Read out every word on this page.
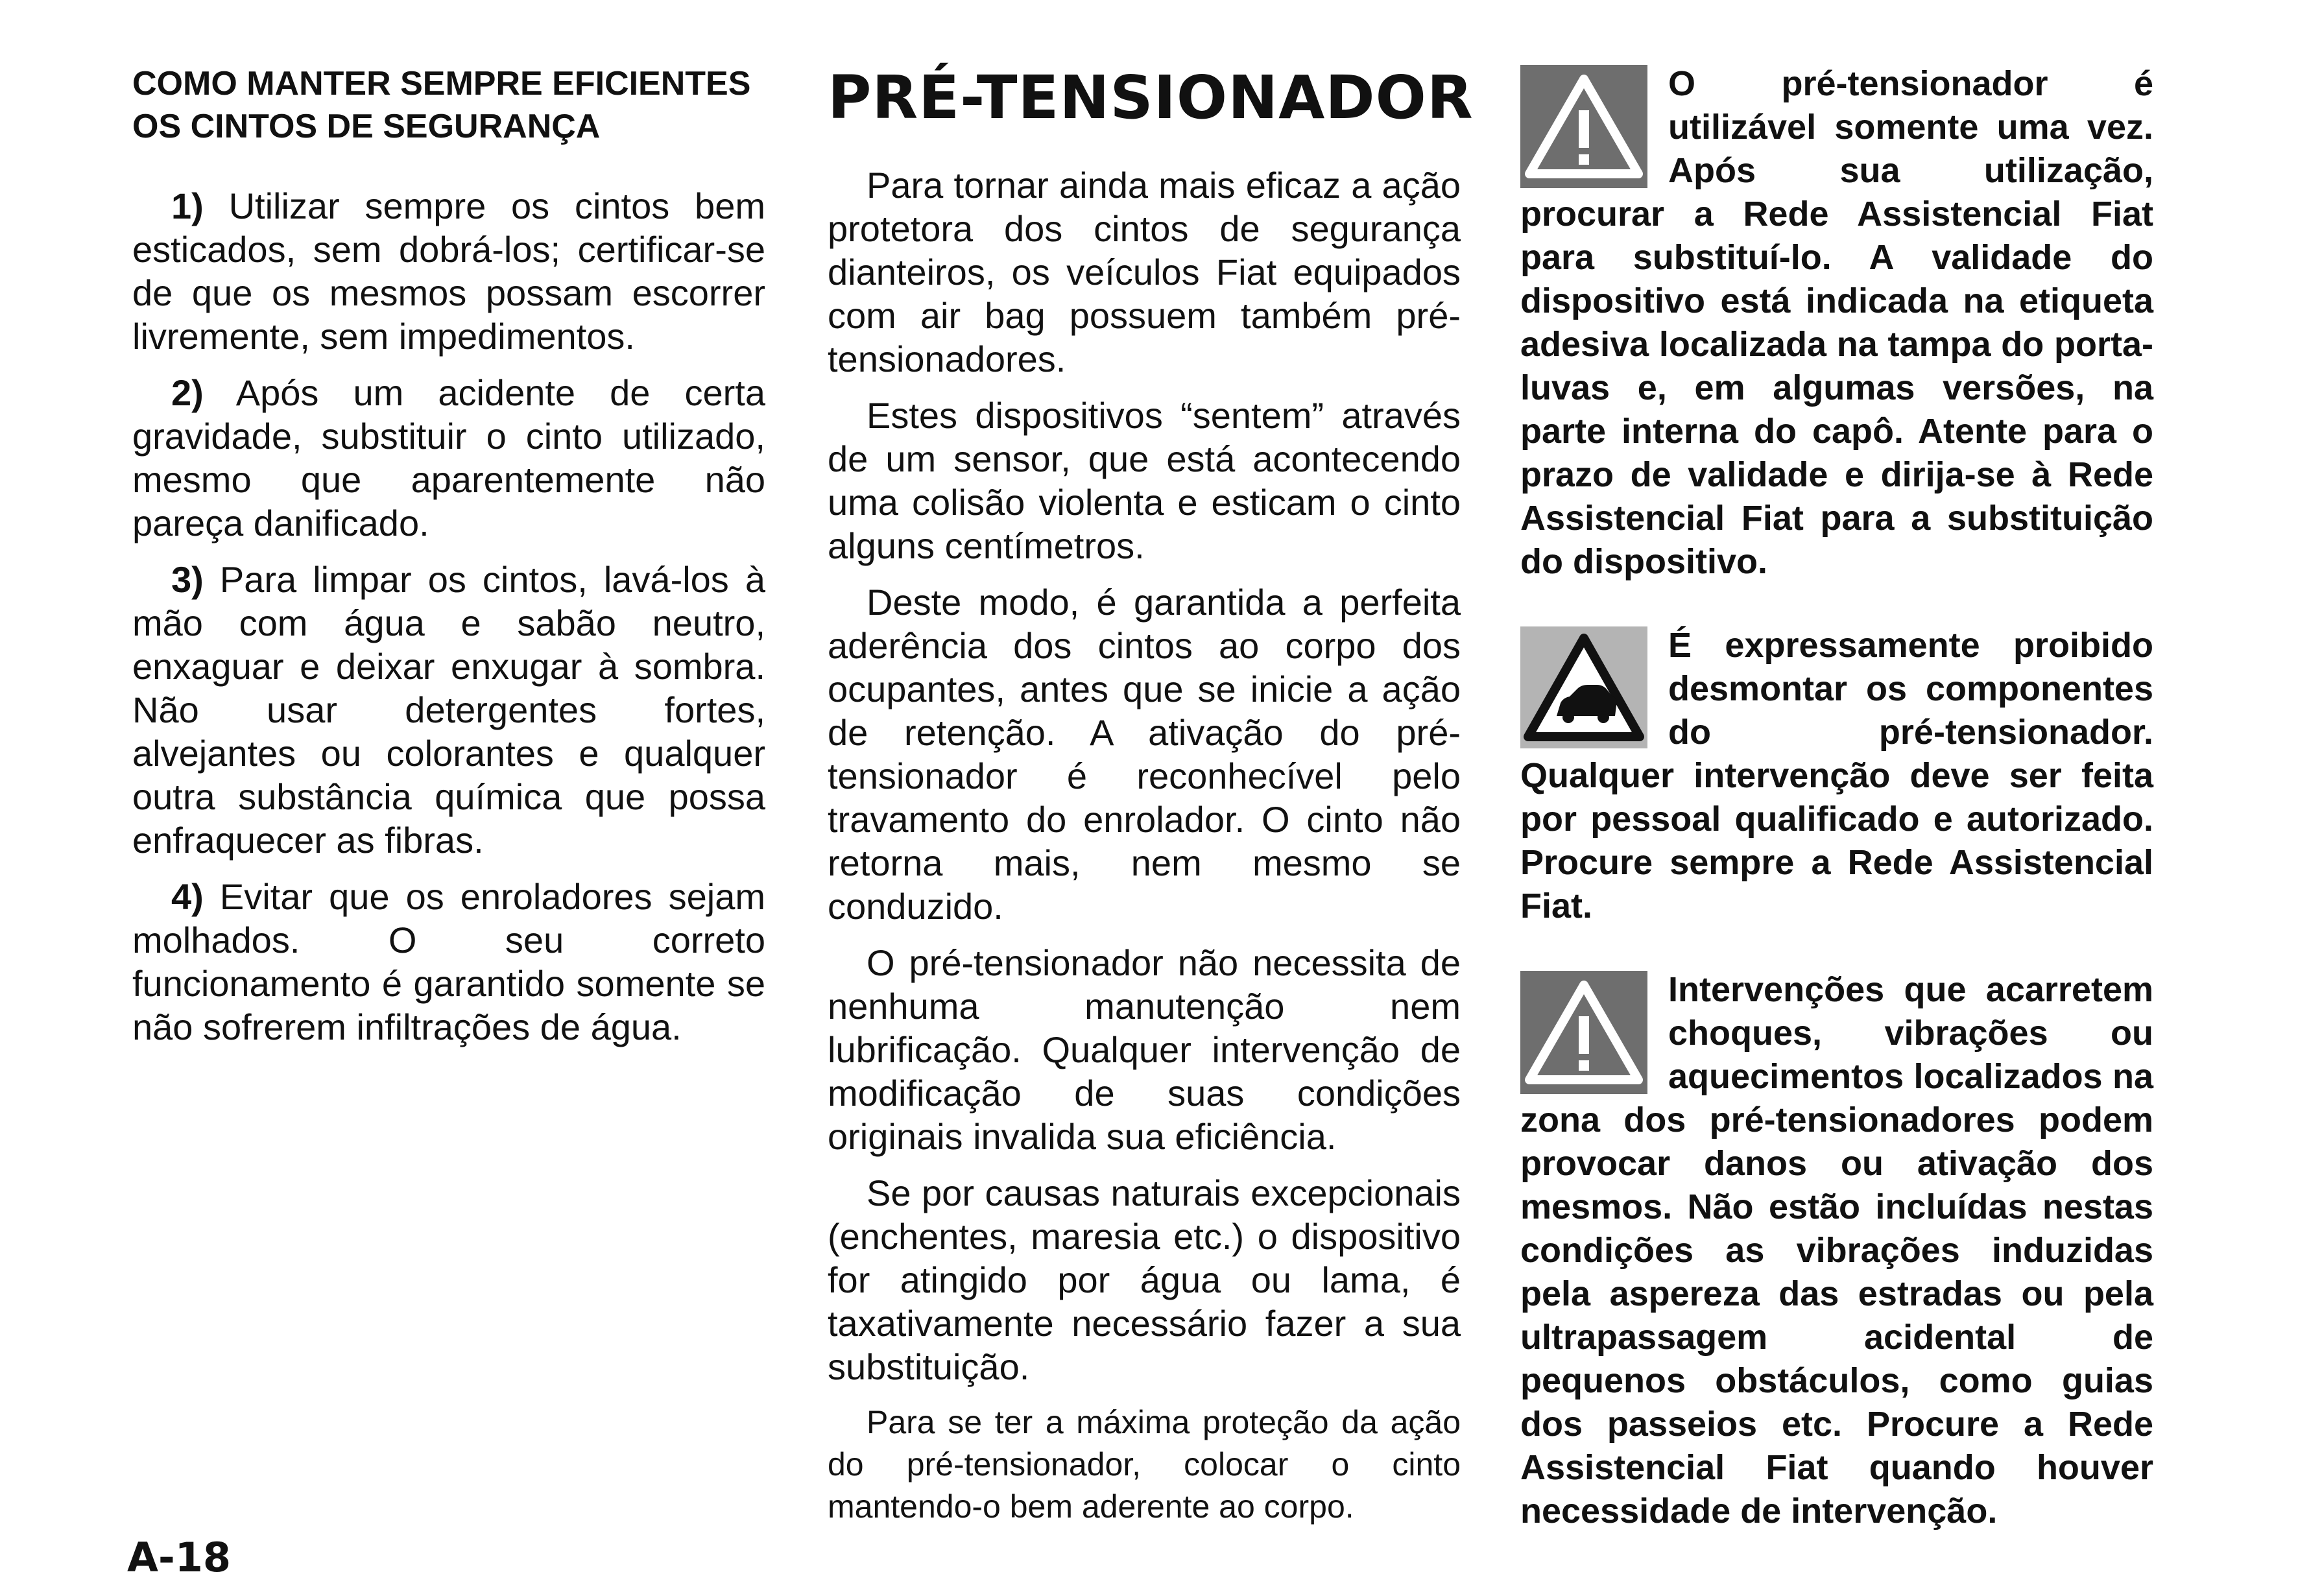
COMO MANTER SEMPRE EFICIENTES OS CINTOS DE SEGURANÇA

1) Utilizar sempre os cintos bem esticados, sem dobrá-los; certificar-se de que os mesmos possam escorrer livremente, sem impedimentos.

2) Após um acidente de certa gravidade, substituir o cinto utilizado, mesmo que aparentemente não pareça danificado.

3) Para limpar os cintos, lavá-los à mão com água e sabão neutro, enxaguar e deixar enxugar à sombra. Não usar detergentes fortes, alvejantes ou colorantes e qualquer outra substância química que possa enfraquecer as fibras.

4) Evitar que os enroladores sejam molhados. O seu correto funcionamento é garantido somente se não sofrerem infiltrações de água.

PRÉ-TENSIONADOR

Para tornar ainda mais eficaz a ação protetora dos cintos de segurança dianteiros, os veículos Fiat equipados com air bag possuem também pré-tensionadores.

Estes dispositivos “sentem” através de um sensor, que está acontecendo uma colisão violenta e esticam o cinto alguns centímetros.

Deste modo, é garantida a perfeita aderência dos cintos ao corpo dos ocupantes, antes que se inicie a ação de retenção. A ativação do pré-tensionador é reconhecível pelo travamento do enrolador. O cinto não retorna mais, nem mesmo se conduzido.

O pré-tensionador não necessita de nenhuma manutenção nem lubrificação. Qualquer intervenção de modificação de suas condições originais invalida sua eficiência.

Se por causas naturais excepcionais (enchentes, maresia etc.) o dispositivo for atingido por água ou lama, é taxativamente necessário fazer a sua substituição.

Para se ter a máxima proteção da ação do pré-tensionador, colocar o cinto mantendo-o bem aderente ao corpo.

O pré-tensionador é utilizável somente uma vez. Após sua utilização, procurar a Rede Assistencial Fiat para substituí-lo. A validade do dispositivo está indicada na etiqueta adesiva localizada na tampa do porta-luvas e, em algumas versões, na parte interna do capô. Atente para o prazo de validade e dirija-se à Rede Assistencial Fiat para a substituição do dispositivo.
É expressamente proibido desmontar os componentes do pré-tensionador. Qualquer intervenção deve ser feita por pessoal qualificado e autorizado. Procure sempre a Rede Assistencial Fiat.
Intervenções que acarretem choques, vibrações ou aquecimentos localizados na zona dos pré-tensionadores podem provocar danos ou ativação dos mesmos. Não estão incluídas nestas condições as vibrações induzidas pela aspereza das estradas ou pela ultrapassagem acidental de pequenos obstáculos, como guias dos passeios etc. Procure a Rede Assistencial Fiat quando houver necessidade de intervenção.
A-18
